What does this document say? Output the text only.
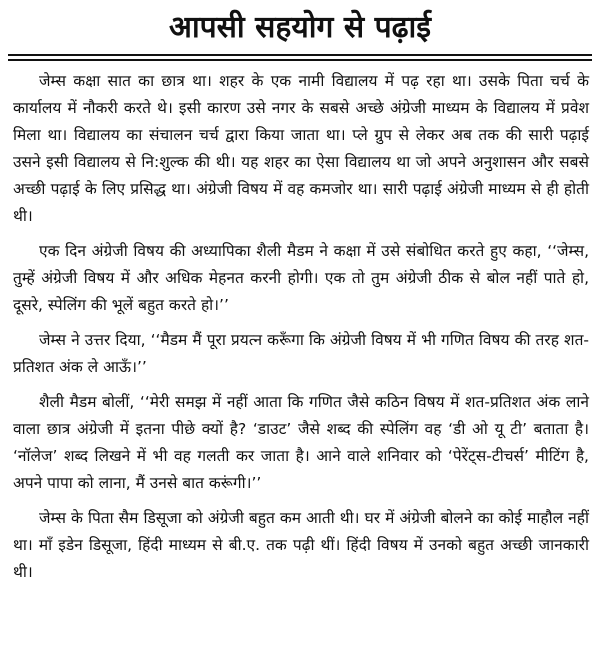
आपसी सहयोग से पढ़ाई

जेम्स कक्षा सात का छात्र था। शहर के एक नामी विद्यालय में पढ़ रहा था। उसके पिता चर्च के कार्यालय में नौकरी करते थे। इसी कारण उसे नगर के सबसे अच्छे अंग्रेजी माध्यम के विद्यालय में प्रवेश मिला था। विद्यालय का संचालन चर्च द्वारा किया जाता था। प्ले ग्रुप से लेकर अब तक की सारी पढ़ाई उसने इसी विद्यालय से नि:शुल्क की थी। यह शहर का ऐसा विद्यालय था जो अपने अनुशासन और सबसे अच्छी पढ़ाई के लिए प्रसिद्ध था। अंग्रेजी विषय में वह कमजोर था। सारी पढ़ाई अंग्रेजी माध्यम से ही होती थी।

एक दिन अंग्रेजी विषय की अध्यापिका शैली मैडम ने कक्षा में उसे संबोधित करते हुए कहा, ‘‘जेम्स, तुम्हें अंग्रेजी विषय में और अधिक मेहनत करनी होगी। एक तो तुम अंग्रेजी ठीक से बोल नहीं पाते हो, दूसरे, स्पेलिंग की भूलें बहुत करते हो।’’

जेम्स ने उत्तर दिया, ‘‘मैडम मैं पूरा प्रयत्न करूँगा कि अंग्रेजी विषय में भी गणित विषय की तरह शत-प्रतिशत अंक ले आऊँ।’’

शैली मैडम बोलीं, ‘‘मेरी समझ में नहीं आता कि गणित जैसे कठिन विषय में शत-प्रतिशत अंक लाने वाला छात्र अंग्रेजी में इतना पीछे क्यों है? ‘डाउट’ जैसे शब्द की स्पेलिंग वह ‘डी ओ यू टी’ बताता है। ‘नॉलेज’ शब्द लिखने में भी वह गलती कर जाता है। आने वाले शनिवार को ‘पेरेंट्स-टीचर्स’ मीटिंग है, अपने पापा को लाना, मैं उनसे बात करूंगी।’’

जेम्स के पिता सैम डिसूजा को अंग्रेजी बहुत कम आती थी। घर में अंग्रेजी बोलने का कोई माहौल नहीं था। माँ इडेन डिसूजा, हिंदी माध्यम से बी.ए. तक पढ़ी थीं। हिंदी विषय में उनको बहुत अच्छी जानकारी थी।
